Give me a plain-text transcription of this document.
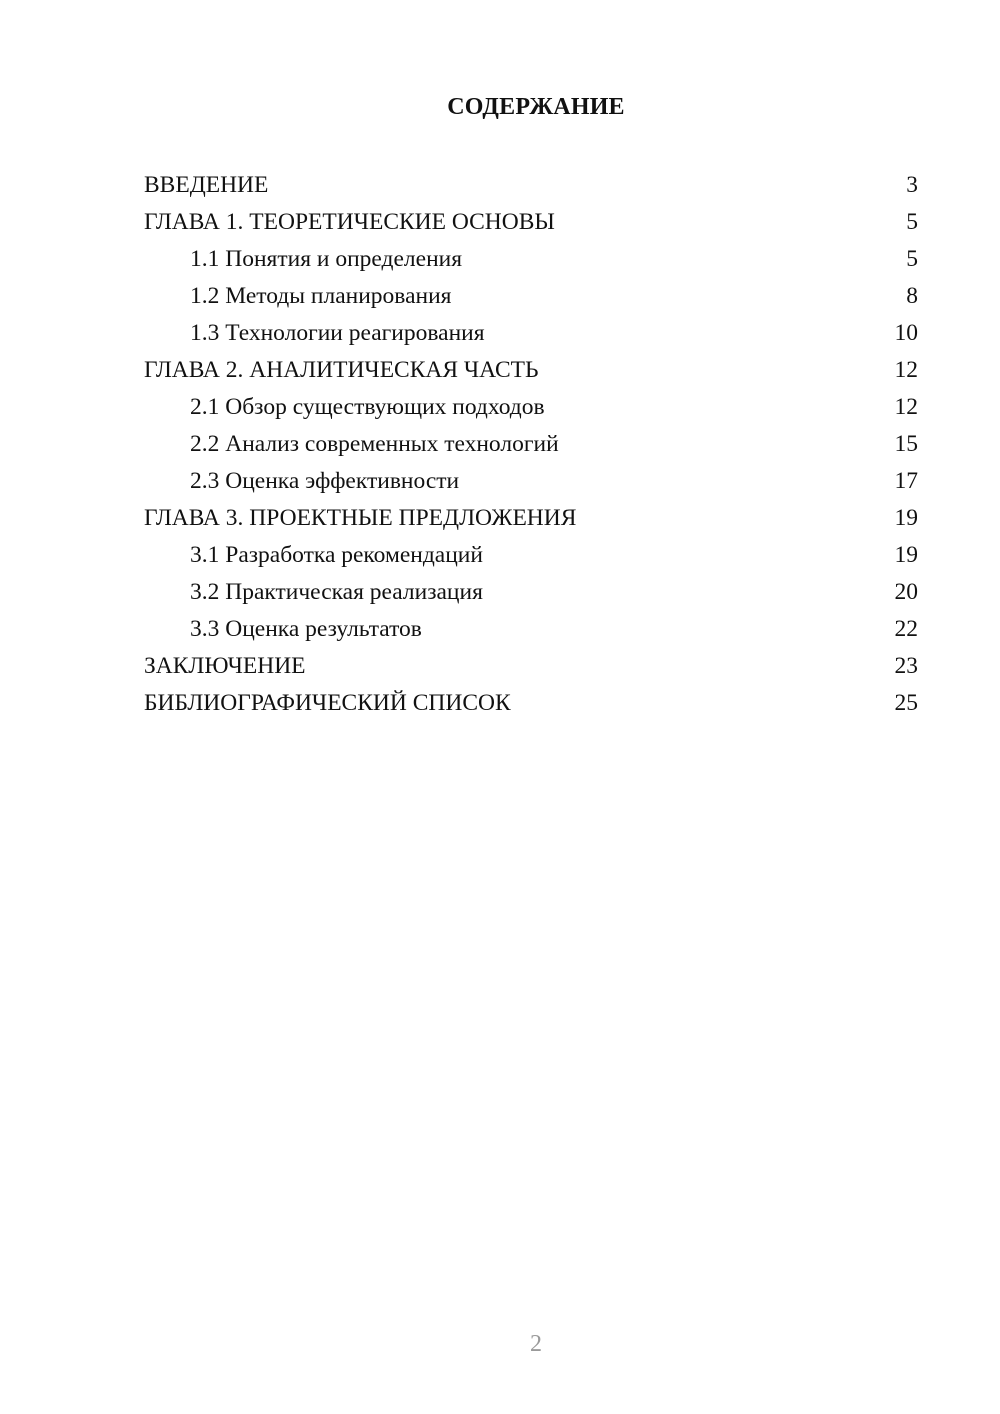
СОДЕРЖАНИЕ
ВВЕДЕНИЕ	3
ГЛАВА 1. ТЕОРЕТИЧЕСКИЕ ОСНОВЫ	5
1.1 Понятия и определения	5
1.2 Методы планирования	8
1.3 Технологии реагирования	10
ГЛАВА 2. АНАЛИТИЧЕСКАЯ ЧАСТЬ	12
2.1 Обзор существующих подходов	12
2.2 Анализ современных технологий	15
2.3 Оценка эффективности	17
ГЛАВА 3. ПРОЕКТНЫЕ ПРЕДЛОЖЕНИЯ	19
3.1 Разработка рекомендаций	19
3.2 Практическая реализация	20
3.3 Оценка результатов	22
ЗАКЛЮЧЕНИЕ	23
БИБЛИОГРАФИЧЕСКИЙ СПИСОК	25
2
